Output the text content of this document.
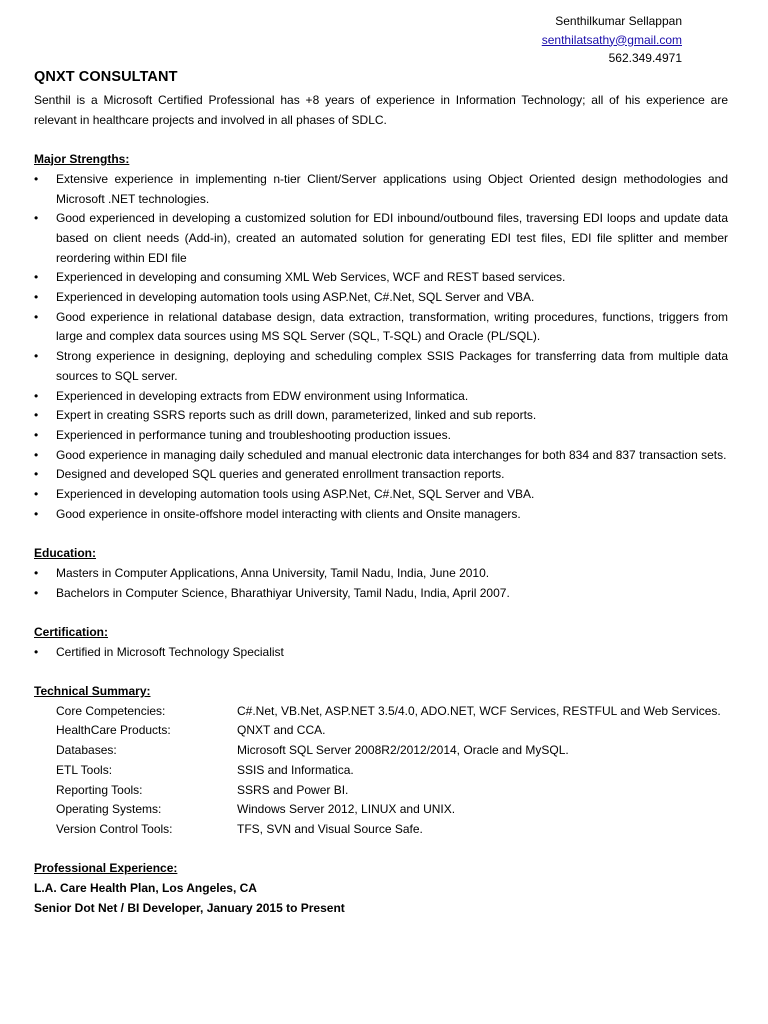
Senthilkumar Sellappan
senthilatsathy@gmail.com
562.349.4971
QNXT CONSULTANT

Senthil is a Microsoft Certified Professional has +8 years of experience in Information Technology; all of his experience are relevant in healthcare projects and involved in all phases of SDLC.

Major Strengths:
• Extensive experience in implementing n-tier Client/Server applications using Object Oriented design methodologies and Microsoft .NET technologies.
• Good experienced in developing a customized solution for EDI inbound/outbound files, traversing EDI loops and update data based on client needs (Add-in), created an automated solution for generating EDI test files, EDI file splitter and member reordering within EDI file
• Experienced in developing and consuming XML Web Services, WCF and REST based services.
• Experienced in developing automation tools using ASP.Net, C#.Net, SQL Server and VBA.
• Good experience in relational database design, data extraction, transformation, writing procedures, functions, triggers from large and complex data sources using MS SQL Server (SQL, T-SQL) and Oracle (PL/SQL).
• Strong experience in designing, deploying and scheduling complex SSIS Packages for transferring data from multiple data sources to SQL server.
• Experienced in developing extracts from EDW environment using Informatica.
• Expert in creating SSRS reports such as drill down, parameterized, linked and sub reports.
• Experienced in performance tuning and troubleshooting production issues.
• Good experience in managing daily scheduled and manual electronic data interchanges for both 834 and 837 transaction sets.
• Designed and developed SQL queries and generated enrollment transaction reports.
• Experienced in developing automation tools using ASP.Net, C#.Net, SQL Server and VBA.
• Good experience in onsite-offshore model interacting with clients and Onsite managers.
Education:
• Masters in Computer Applications, Anna University, Tamil Nadu, India, June 2010.
• Bachelors in Computer Science, Bharathiyar University, Tamil Nadu, India, April 2007.
Certification:
• Certified in Microsoft Technology Specialist
Technical Summary:
Core Competencies:	C#.Net, VB.Net, ASP.NET 3.5/4.0, ADO.NET, WCF Services, RESTFUL and Web Services.
HealthCare Products:	QNXT and CCA.
Databases:	Microsoft SQL Server 2008R2/2012/2014, Oracle and MySQL.
ETL Tools:	SSIS and Informatica.
Reporting Tools:	SSRS and Power BI.
Operating Systems:	Windows Server 2012, LINUX and UNIX.
Version Control Tools:	TFS, SVN and Visual Source Safe.
Professional Experience:
L.A. Care Health Plan, Los Angeles, CA
Senior Dot Net / BI Developer, January 2015 to Present
